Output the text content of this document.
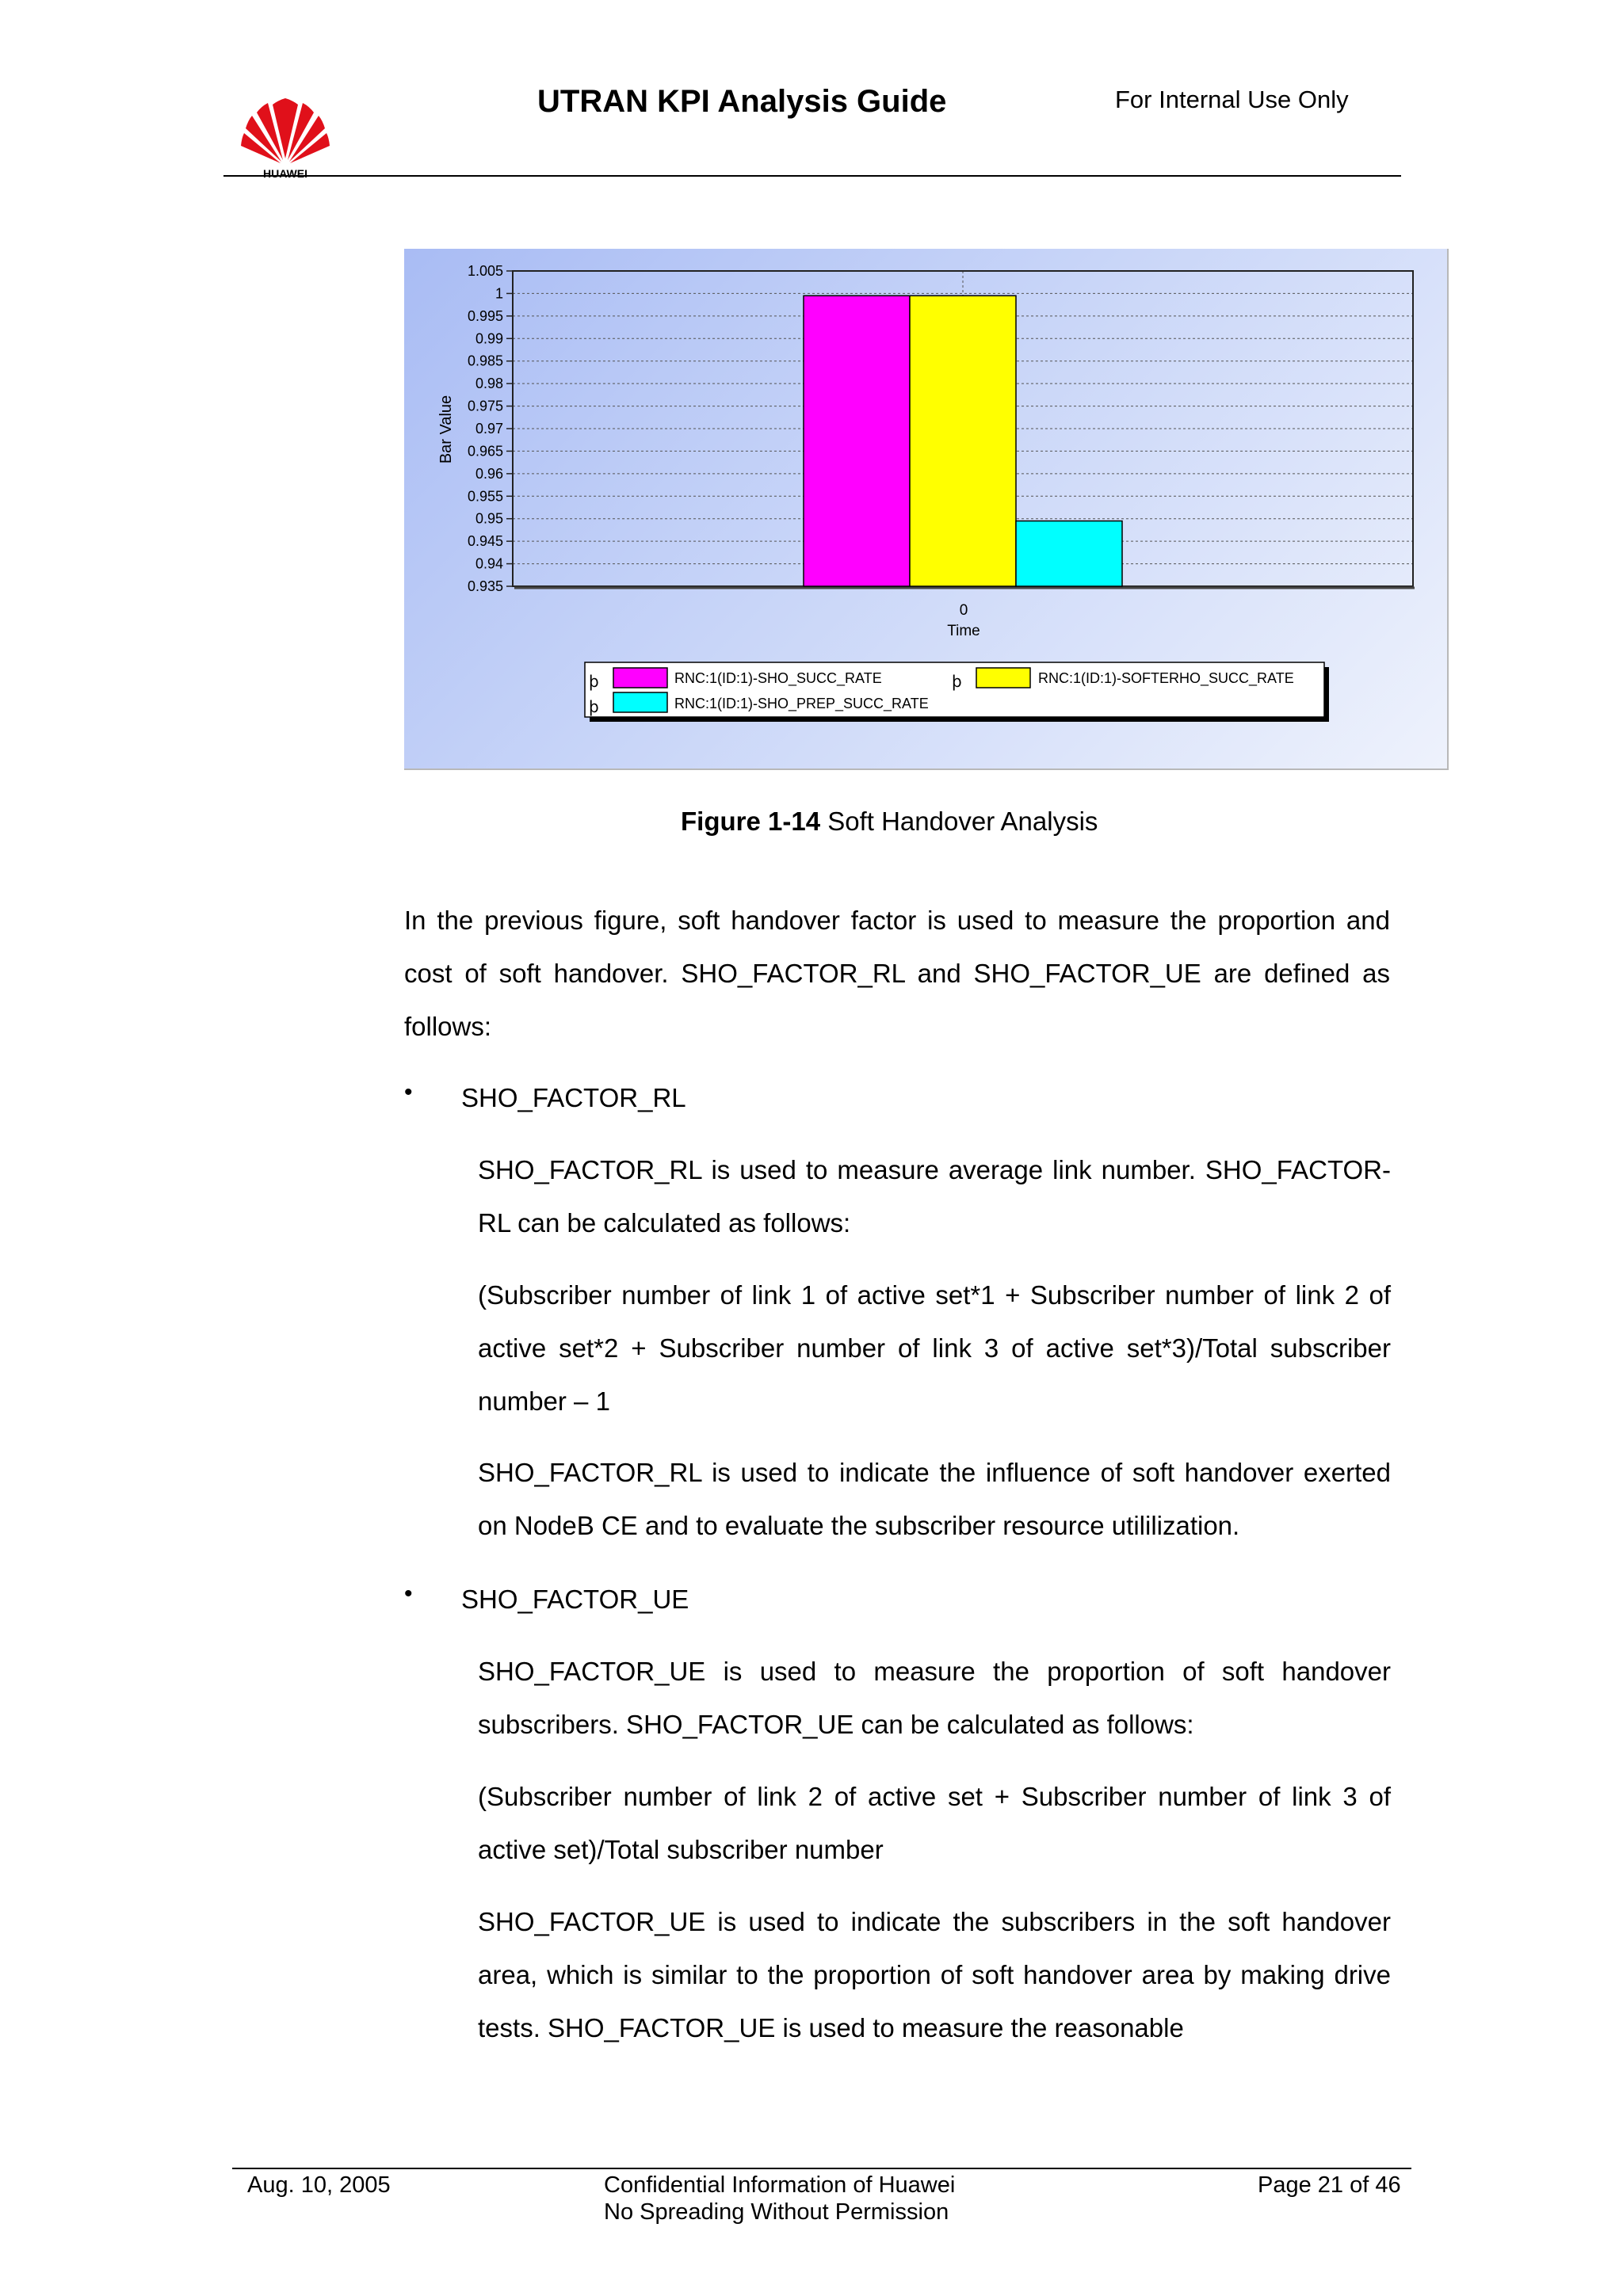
HUAWEI
UTRAN KPI Analysis Guide	For Internal Use Only
1.005
1
0.995
0.99
0.985
0.98
0.975
0.97
0.965
0.96
0.955
0.95
0.945
0.94
0.935
Bar Value
0
Time
þ	RNC:1(ID:1)-SHO_SUCC_RATE	þ	RNC:1(ID:1)-SOFTERHO_SUCC_RATE
þ	RNC:1(ID:1)-SHO_PREP_SUCC_RATE
Figure 1-14 Soft Handover Analysis
In the previous figure, soft handover factor is used to measure the proportion and cost of soft handover. SHO_FACTOR_RL and SHO_FACTOR_UE are defined as follows:
• SHO_FACTOR_RL
SHO_FACTOR_RL is used to measure average link number. SHO_FACTOR-RL can be calculated as follows:
(Subscriber number of link 1 of active set*1 + Subscriber number of link 2 of active set*2 + Subscriber number of link 3 of active set*3)/Total subscriber number – 1
SHO_FACTOR_RL is used to indicate the influence of soft handover exerted on NodeB CE and to evaluate the subscriber resource utililization.
• SHO_FACTOR_UE
SHO_FACTOR_UE is used to measure the proportion of soft handover subscribers. SHO_FACTOR_UE can be calculated as follows:
(Subscriber number of link 2 of active set + Subscriber number of link 3 of active set)/Total subscriber number
SHO_FACTOR_UE is used to indicate the subscribers in the soft handover area, which is similar to the proportion of soft handover area by making drive tests. SHO_FACTOR_UE is used to measure the reasonable
Aug. 10, 2005	Confidential Information of Huawei
No Spreading Without Permission
Page 21 of 46
